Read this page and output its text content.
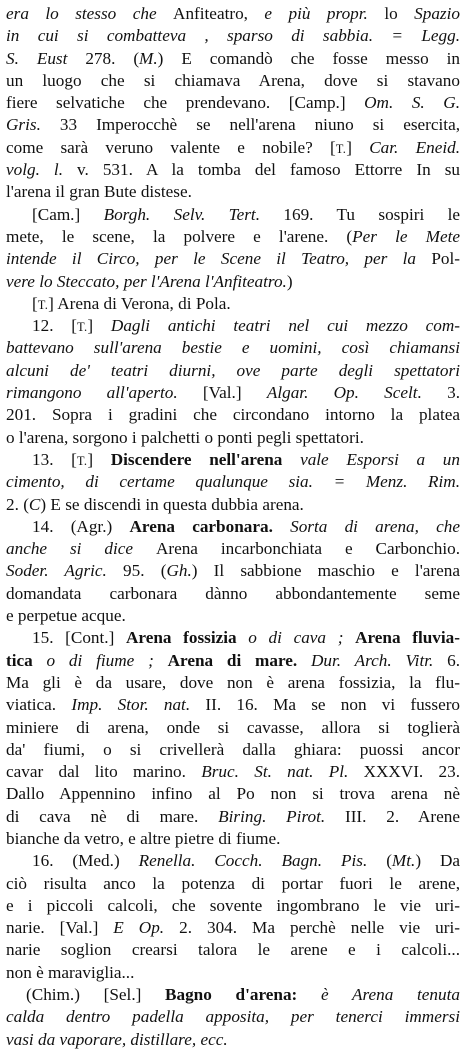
era lo stesso che Anfiteatro, e più propr. lo Spazio
in cui si combatteva , sparso di sabbia. = Legg.
S. Eust 278. (M.) E comandò che fosse messo in
un luogo che si chiamava Arena, dove si stavano
fiere selvatiche che prendevano. [Camp.] Om. S. G.
Gris. 33 Imperocchè se nell'arena niuno si esercita,
come sarà veruno valente e nobile? [T.] Car. Eneid.
volg. l. v. 531. A la tomba del famoso Ettorre In su
l'arena il gran Bute distese.
[Cam.] Borgh. Selv. Tert. 169. Tu sospiri le
mete, le scene, la polvere e l'arene. (Per le Mete
intende il Circo, per le Scene il Teatro, per la Pol-
vere lo Steccato, per l'Arena l'Anfiteatro.)
[T.] Arena di Verona, di Pola.
12. [T.] Dagli antichi teatri nel cui mezzo com-
battevano sull'arena bestie e uomini, così chiamansi
alcuni de' teatri diurni, ove parte degli spettatori
rimangono all'aperto. [Val.] Algar. Op. Scelt. 3.
201. Sopra i gradini che circondano intorno la platea
o l'arena, sorgono i palchetti o ponti pegli spettatori.
13. [T.] Discendere nell'arena vale Esporsi a un
cimento, di certame qualunque sia. = Menz. Rim.
2. (C) E se discendi in questa dubbia arena.
14. (Agr.) Arena carbonara. Sorta di arena, che
anche si dice Arena incarbonchiata e Carbonchio.
Soder. Agric. 95. (Gh.) Il sabbione maschio e l'arena
domandata carbonara dànno abbondantemente seme
e perpetue acque.
15. [Cont.] Arena fossizia o di cava ; Arena fluvia-
tica o di fiume ; Arena di mare. Dur. Arch. Vitr. 6.
Ma gli è da usare, dove non è arena fossizia, la flu-
viatica. Imp. Stor. nat. II. 16. Ma se non vi fussero
miniere di arena, onde si cavasse, allora si toglierà
da' fiumi, o si crivellerà dalla ghiara: puossi ancor
cavar dal lito marino. Bruc. St. nat. Pl. XXXVI. 23.
Dallo Appennino infino al Po non si trova arena nè
di cava nè di mare. Biring. Pirot. III. 2. Arene
bianche da vetro, e altre pietre di fiume.
16. (Med.) Renella. Cocch. Bagn. Pis. (Mt.) Da
ciò risulta anco la potenza di portar fuori le arene,
e i piccoli calcoli, che sovente ingombrano le vie uri-
narie. [Val.] E Op. 2. 304. Ma perchè nelle vie uri-
narie soglion crearsi talora le arene e i calcoli...
non è maraviglia...
(Chim.) [Sel.] Bagno d'arena: è Arena tenuta
calda dentro padella apposita, per tenerci immersi
vasi da vaporare, distillare, ecc.
